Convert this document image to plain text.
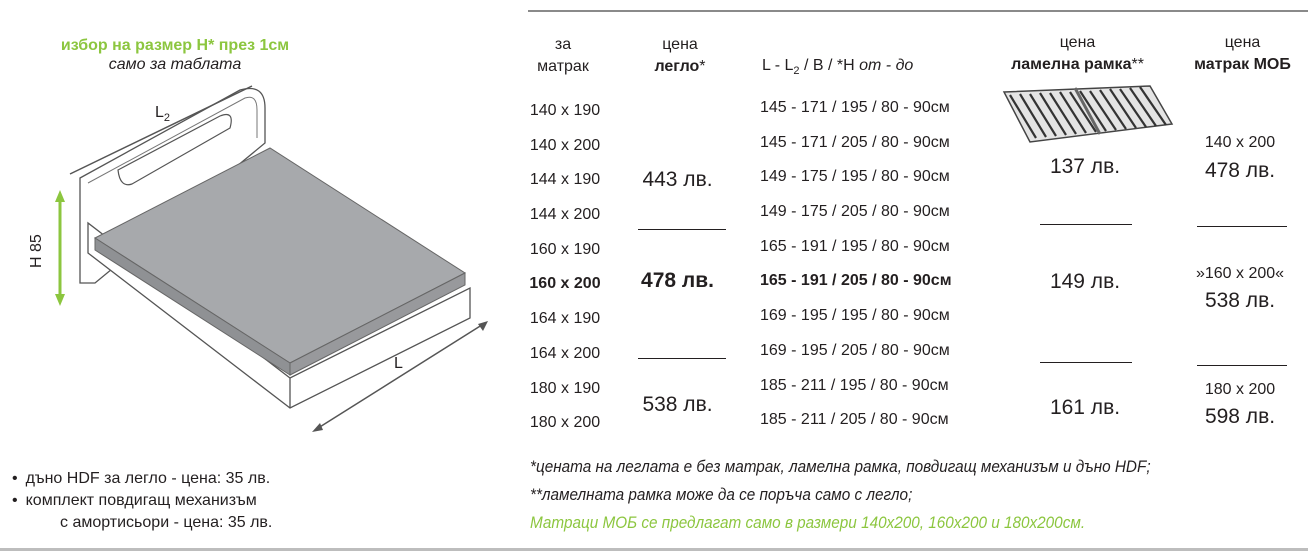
избор на размер Н* през 1см
само за таблата
$L_2$
H 85
L
• дъно HDF за легло - цена: 35 лв.
• комплект повдигащ механизъм
с амортисьори - цена: 35 лв.
за
матрак
цена
легло*	L - $L_2$ / B / *H от - до
цена
ламелна рамка**
цена
матрак МОБ
140 x 190
140 x 200
144 x 190
144 x 200
160 x 190
160 x 200
164 x 190
164 x 200
180 x 190
180 x 200
145 - 171 / 195 / 80 - 90см
145 - 171 / 205 / 80 - 90см
149 - 175 / 195 / 80 - 90см
149 - 175 / 205 / 80 - 90см
165 - 191 / 195 / 80 - 90см
165 - 191 / 205 / 80 - 90см
169 - 195 / 195 / 80 - 90см
169 - 195 / 205 / 80 - 90см
185 - 211 / 195 / 80 - 90см
185 - 211 / 205 / 80 - 90см
443 лв.
478 лв.
538 лв.
137 лв.
149 лв.
161 лв.
140 x 200
478 лв.
»160 x 200«
538 лв.
180 x 200
598 лв.
*цената на леглата е без матрак, ламелна рамка, повдигащ механизъм и дъно HDF;
**ламелната рамка може да се поръча само с легло;
Матраци МОБ се предлагат само в размери 140x200, 160x200 и 180x200см.
